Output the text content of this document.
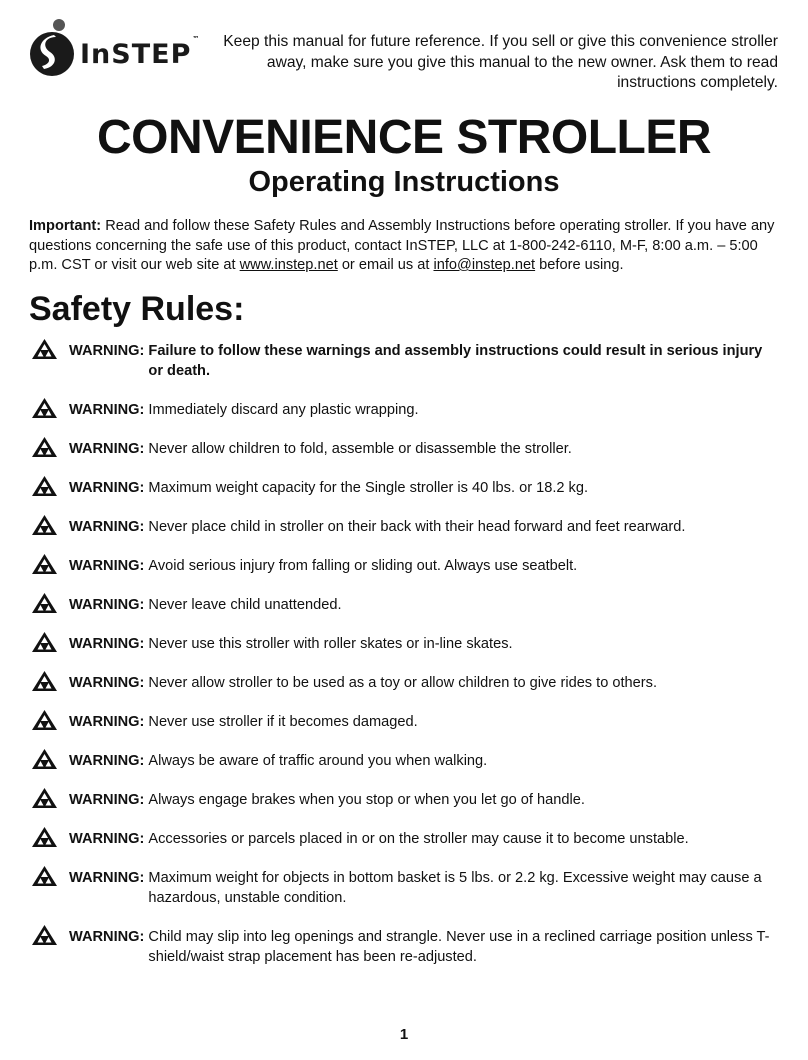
InSTEP™	Keep this manual for future reference. If you sell or give this convenience stroller away, make sure you give this manual to the new owner. Ask them to read instructions completely.
CONVENIENCE STROLLER
Operating Instructions

Important: Read and follow these Safety Rules and Assembly Instructions before operating stroller. If you have any questions concerning the safe use of this product, contact InSTEP, LLC at 1-800-242-6110, M-F, 8:00 a.m. – 5:00 p.m. CST or visit our web site at www.instep.net or email us at info@instep.net before using.

Safety Rules:
WARNING: Failure to follow these warnings and assembly instructions could result in serious injury or death.
WARNING: Immediately discard any plastic wrapping.
WARNING: Never allow children to fold, assemble or disassemble the stroller.
WARNING: Maximum weight capacity for the Single stroller is 40 lbs. or 18.2 kg.
WARNING: Never place child in stroller on their back with their head forward and feet rearward.
WARNING: Avoid serious injury from falling or sliding out. Always use seatbelt.
WARNING: Never leave child unattended.
WARNING: Never use this stroller with roller skates or in-line skates.
WARNING: Never allow stroller to be used as a toy or allow children to give rides to others.
WARNING: Never use stroller if it becomes damaged.
WARNING: Always be aware of traffic around you when walking.
WARNING: Always engage brakes when you stop or when you let go of handle.
WARNING: Accessories or parcels placed in or on the stroller may cause it to become unstable.
WARNING: Maximum weight for objects in bottom basket is 5 lbs. or 2.2 kg. Excessive weight may cause a hazardous, unstable condition.
WARNING: Child may slip into leg openings and strangle. Never use in a reclined carriage position unless T-shield/waist strap placement has been re-adjusted.
1
